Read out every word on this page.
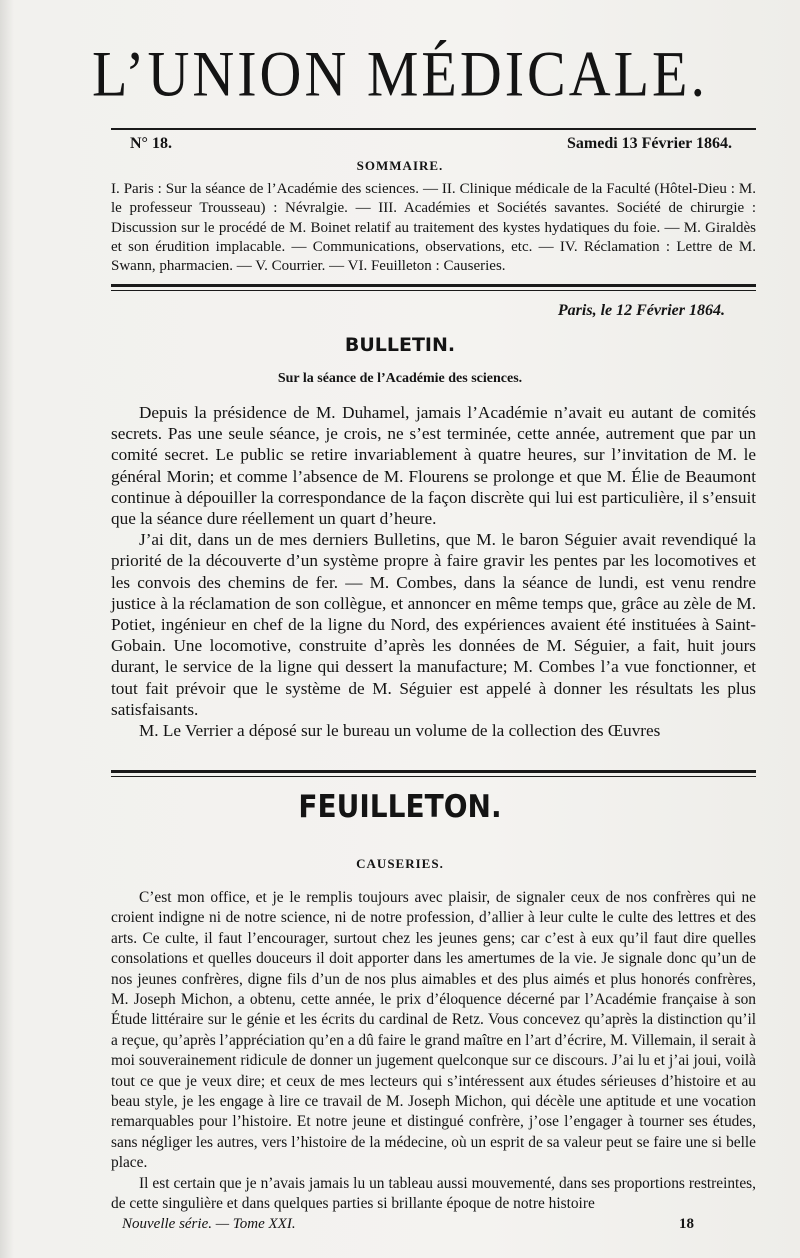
L’UNION MÉDICALE.
N° 18.	Samedi 13 Février 1864.
SOMMAIRE.
I. Paris : Sur la séance de l’Académie des sciences. — II. Clinique médicale de la Faculté (Hôtel-Dieu : M. le professeur Trousseau) : Névralgie. — III. Académies et Sociétés savantes. Société de chirurgie : Discussion sur le procédé de M. Boinet relatif au traitement des kystes hydatiques du foie. — M. Giraldès et son érudition implacable. — Communications, observations, etc. — IV. Réclamation : Lettre de M. Swann, pharmacien. — V. Courrier. — VI. Feuilleton : Causeries.
Paris, le 12 Février 1864.
BULLETIN.
Sur la séance de l’Académie des sciences.

Depuis la présidence de M. Duhamel, jamais l’Académie n’avait eu autant de comités secrets. Pas une seule séance, je crois, ne s’est terminée, cette année, autrement que par un comité secret. Le public se retire invariablement à quatre heures, sur l’invitation de M. le général Morin; et comme l’absence de M. Flourens se prolonge et que M. Élie de Beaumont continue à dépouiller la correspondance de la façon discrète qui lui est particulière, il s’ensuit que la séance dure réellement un quart d’heure.

J’ai dit, dans un de mes derniers Bulletins, que M. le baron Séguier avait revendiqué la priorité de la découverte d’un système propre à faire gravir les pentes par les locomotives et les convois des chemins de fer. — M. Combes, dans la séance de lundi, est venu rendre justice à la réclamation de son collègue, et annoncer en même temps que, grâce au zèle de M. Potiet, ingénieur en chef de la ligne du Nord, des expériences avaient été instituées à Saint-Gobain. Une locomotive, construite d’après les données de M. Séguier, a fait, huit jours durant, le service de la ligne qui dessert la manufacture; M. Combes l’a vue fonctionner, et tout fait prévoir que le système de M. Séguier est appelé à donner les résultats les plus satisfaisants.

M. Le Verrier a déposé sur le bureau un volume de la collection des Œuvres

FEUILLETON.
CAUSERIES.

C’est mon office, et je le remplis toujours avec plaisir, de signaler ceux de nos confrères qui ne croient indigne ni de notre science, ni de notre profession, d’allier à leur culte le culte des lettres et des arts. Ce culte, il faut l’encourager, surtout chez les jeunes gens; car c’est à eux qu’il faut dire quelles consolations et quelles douceurs il doit apporter dans les amertumes de la vie. Je signale donc qu’un de nos jeunes confrères, digne fils d’un de nos plus aimables et des plus aimés et plus honorés confrères, M. Joseph Michon, a obtenu, cette année, le prix d’éloquence décerné par l’Académie française à son Étude littéraire sur le génie et les écrits du cardinal de Retz. Vous concevez qu’après la distinction qu’il a reçue, qu’après l’appréciation qu’en a dû faire le grand maître en l’art d’écrire, M. Villemain, il serait à moi souverainement ridicule de donner un jugement quelconque sur ce discours. J’ai lu et j’ai joui, voilà tout ce que je veux dire; et ceux de mes lecteurs qui s’intéressent aux études sérieuses d’histoire et au beau style, je les engage à lire ce travail de M. Joseph Michon, qui décèle une aptitude et une vocation remarquables pour l’histoire. Et notre jeune et distingué confrère, j’ose l’engager à tourner ses études, sans négliger les autres, vers l’histoire de la médecine, où un esprit de sa valeur peut se faire une si belle place.

Il est certain que je n’avais jamais lu un tableau aussi mouvementé, dans ses proportions restreintes, de cette singulière et dans quelques parties si brillante époque de notre histoire

Nouvelle série. — Tome XXI.	18
